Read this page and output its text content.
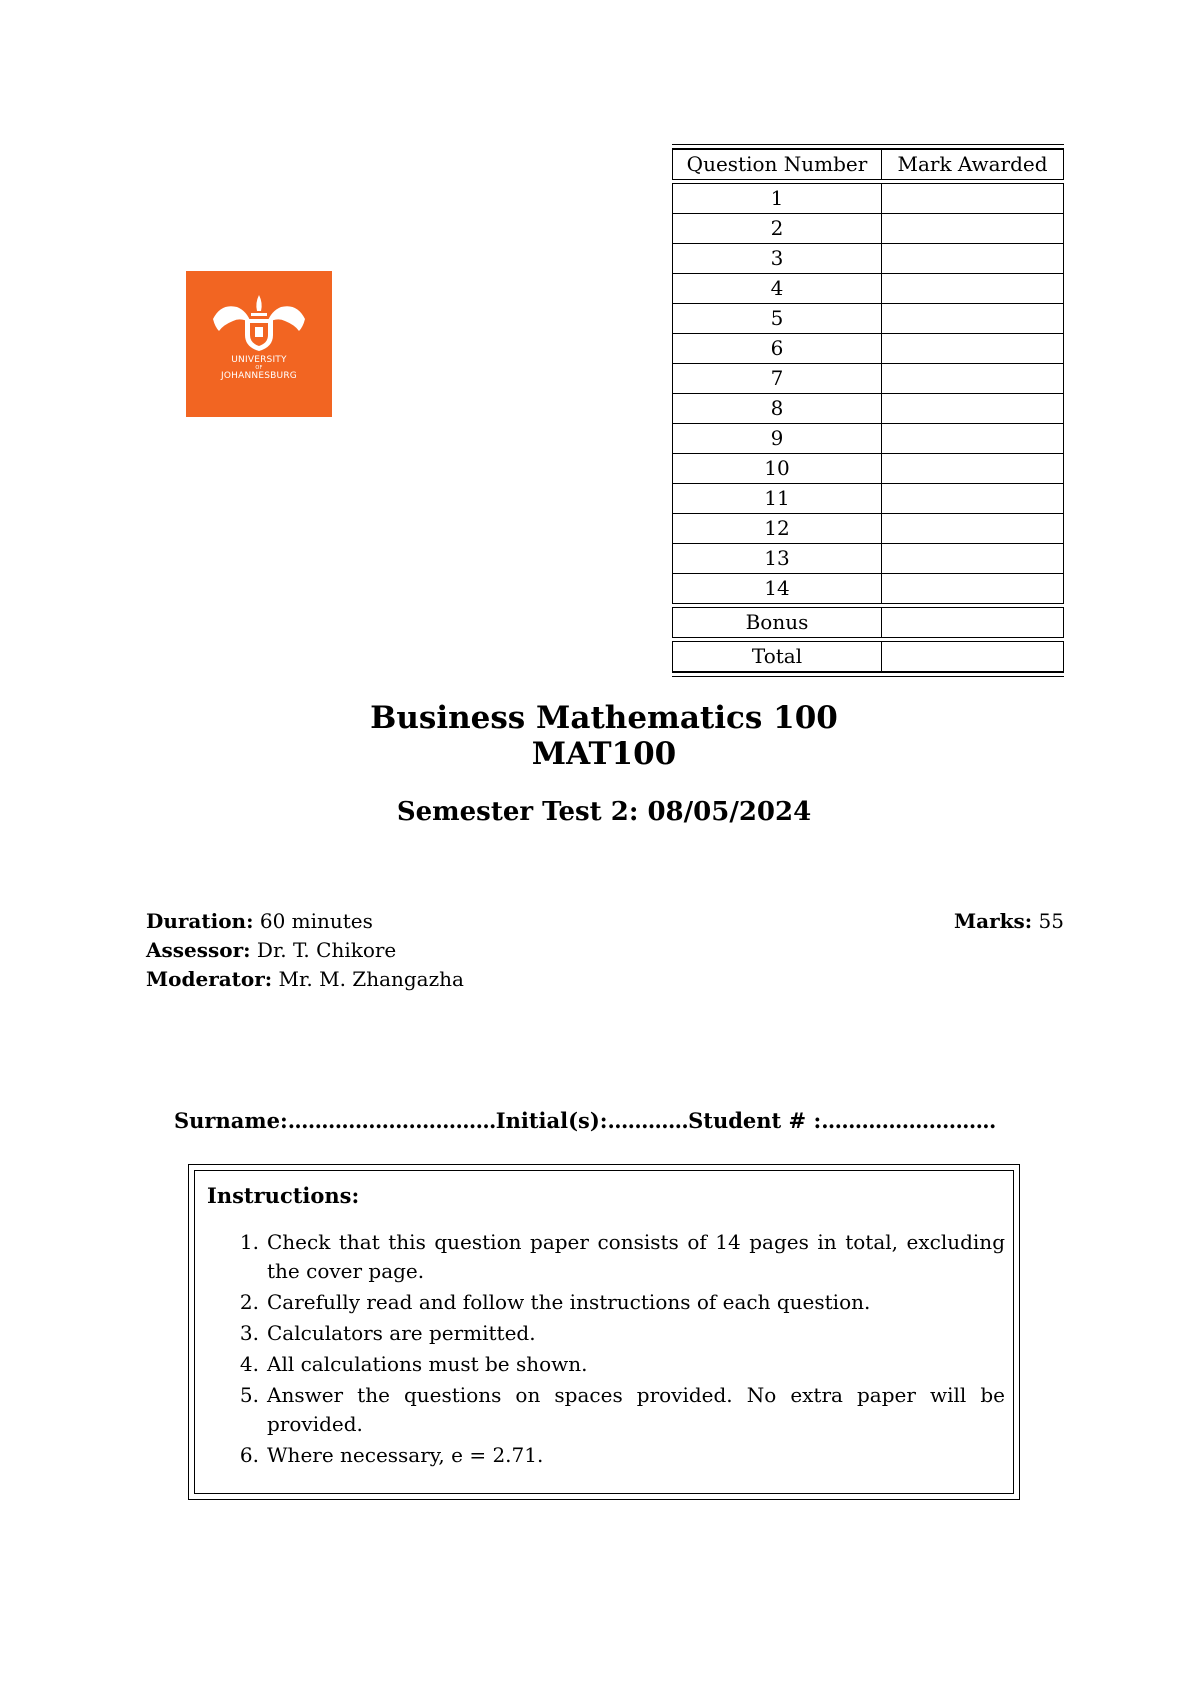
UNIVERSITY
OF
JOHANNESBURG
Question Number	Mark Awarded

1	
2	
3	
4	
5	
6	
7	
8	
9	
10	
11	
12	
13	
14	

Bonus	

Total	
Business Mathematics 100
MAT100
Semester Test 2: 08/05/2024
Duration: 60 minutes	Marks: 55
Assessor: Dr. T. Chikore
Moderator: Mr. M. Zhangazha
Surname:...............................Initial(s):............Student # :..........................
Instructions:
1. Check that this question paper consists of 14 pages in total, excluding the cover page.
2. Carefully read and follow the instructions of each question.
3. Calculators are permitted.
4. All calculations must be shown.
5. Answer the questions on spaces provided. No extra paper will be provided.
6. Where necessary, e = 2.71.
